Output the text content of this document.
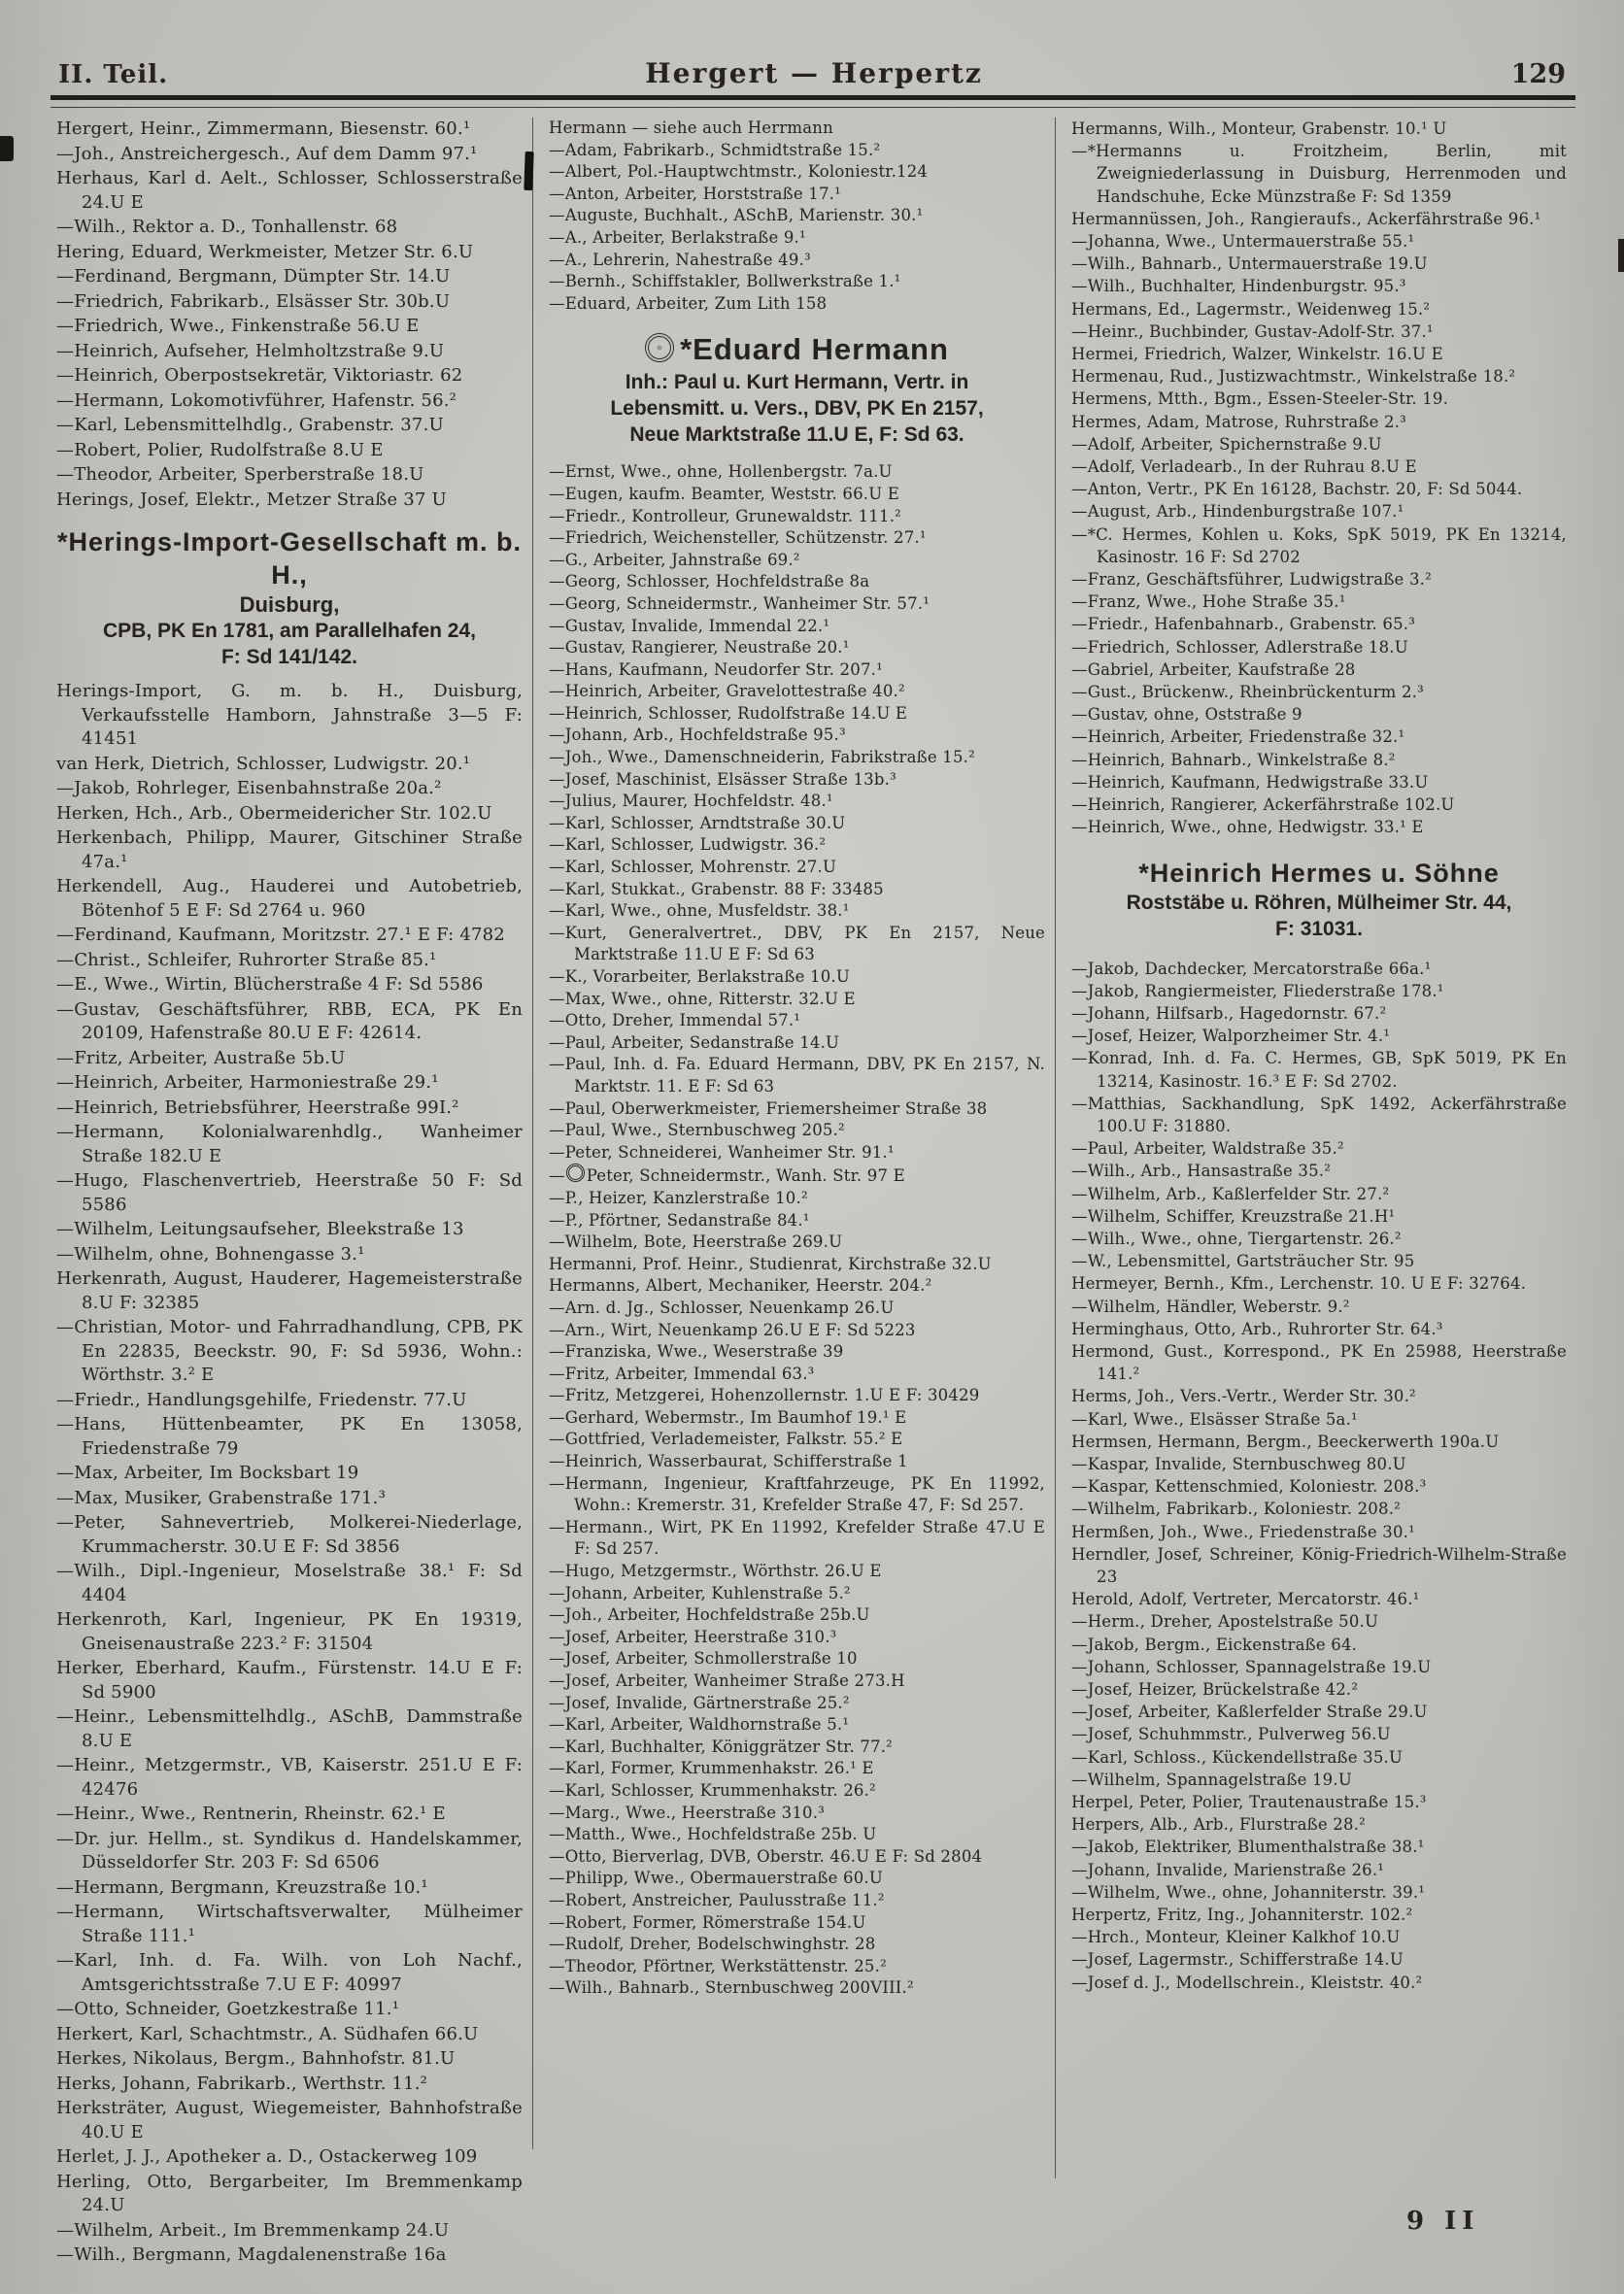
II. Teil.	Hergert — Herpertz	129
Hergert, Heinr., Zimmermann, Biesenstr. 60.¹
—Joh., Anstreichergesch., Auf dem Damm 97.¹
Herhaus, Karl d. Aelt., Schlosser, Schlosserstraße 24.U E
—Wilh., Rektor a. D., Tonhallenstr. 68
Hering, Eduard, Werkmeister, Metzer Str. 6.U
—Ferdinand, Bergmann, Dümpter Str. 14.U
—Friedrich, Fabrikarb., Elsässer Str. 30b.U
—Friedrich, Wwe., Finkenstraße 56.U E
—Heinrich, Aufseher, Helmholtzstraße 9.U
—Heinrich, Oberpostsekretär, Viktoriastr. 62
—Hermann, Lokomotivführer, Hafenstr. 56.²
—Karl, Lebensmittelhdlg., Grabenstr. 37.U
—Robert, Polier, Rudolfstraße 8.U E
—Theodor, Arbeiter, Sperberstraße 18.U
Herings, Josef, Elektr., Metzer Straße 37 U
*Herings-Import-Gesellschaft m. b. H.,
Duisburg,
CPB, PK En 1781, am Parallelhafen 24,
F: Sd 141/142.
Herings-Import, G. m. b. H., Duisburg, Verkaufsstelle Hamborn, Jahnstraße 3—5 F: 41451
van Herk, Dietrich, Schlosser, Ludwigstr. 20.¹
—Jakob, Rohrleger, Eisenbahnstraße 20a.²
Herken, Hch., Arb., Obermeidericher Str. 102.U
Herkenbach, Philipp, Maurer, Gitschiner Straße 47a.¹
Herkendell, Aug., Hauderei und Autobetrieb, Bötenhof 5 E F: Sd 2764 u. 960
—Ferdinand, Kaufmann, Moritzstr. 27.¹ E F: 4782
—Christ., Schleifer, Ruhrorter Straße 85.¹
—E., Wwe., Wirtin, Blücherstraße 4 F: Sd 5586
—Gustav, Geschäftsführer, RBB, ECA, PK En 20109, Hafenstraße 80.U E F: 42614.
—Fritz, Arbeiter, Austraße 5b.U
—Heinrich, Arbeiter, Harmoniestraße 29.¹
—Heinrich, Betriebsführer, Heerstraße 99I.²
—Hermann, Kolonialwarenhdlg., Wanheimer Straße 182.U E
—Hugo, Flaschenvertrieb, Heerstraße 50 F: Sd 5586
—Wilhelm, Leitungsaufseher, Bleekstraße 13
—Wilhelm, ohne, Bohnengasse 3.¹
Herkenrath, August, Hauderer, Hagemeisterstraße 8.U F: 32385
—Christian, Motor- und Fahrradhandlung, CPB, PK En 22835, Beeckstr. 90, F: Sd 5936, Wohn.: Wörthstr. 3.² E
—Friedr., Handlungsgehilfe, Friedenstr. 77.U
—Hans, Hüttenbeamter, PK En 13058, Friedenstraße 79
—Max, Arbeiter, Im Bocksbart 19
—Max, Musiker, Grabenstraße 171.³
—Peter, Sahnevertrieb, Molkerei-Niederlage, Krummacherstr. 30.U E F: Sd 3856
—Wilh., Dipl.-Ingenieur, Moselstraße 38.¹ F: Sd 4404
Herkenroth, Karl, Ingenieur, PK En 19319, Gneisenaustraße 223.² F: 31504
Herker, Eberhard, Kaufm., Fürstenstr. 14.U E F: Sd 5900
—Heinr., Lebensmittelhdlg., ASchB, Dammstraße 8.U E
—Heinr., Metzgermstr., VB, Kaiserstr. 251.U E F: 42476
—Heinr., Wwe., Rentnerin, Rheinstr. 62.¹ E
—Dr. jur. Hellm., st. Syndikus d. Handelskammer, Düsseldorfer Str. 203 F: Sd 6506
—Hermann, Bergmann, Kreuzstraße 10.¹
—Hermann, Wirtschaftsverwalter, Mülheimer Straße 111.¹
—Karl, Inh. d. Fa. Wilh. von Loh Nachf., Amtsgerichtsstraße 7.U E F: 40997
—Otto, Schneider, Goetzkestraße 11.¹
Herkert, Karl, Schachtmstr., A. Südhafen 66.U
Herkes, Nikolaus, Bergm., Bahnhofstr. 81.U
Herks, Johann, Fabrikarb., Werthstr. 11.²
Herksträter, August, Wiegemeister, Bahnhofstraße 40.U E
Herlet, J. J., Apotheker a. D., Ostackerweg 109
Herling, Otto, Bergarbeiter, Im Bremmenkamp 24.U
—Wilhelm, Arbeit., Im Bremmenkamp 24.U
—Wilh., Bergmann, Magdalenenstraße 16a
Hermann — siehe auch Herrmann
—Adam, Fabrikarb., Schmidtstraße 15.²
—Albert, Pol.-Hauptwchtmstr., Koloniestr.124
—Anton, Arbeiter, Horststraße 17.¹
—Auguste, Buchhalt., ASchB, Marienstr. 30.¹
—A., Arbeiter, Berlakstraße 9.¹
—A., Lehrerin, Nahestraße 49.³
—Bernh., Schiffstakler, Bollwerkstraße 1.¹
—Eduard, Arbeiter, Zum Lith 158
*Eduard Hermann
Inh.: Paul u. Kurt Hermann, Vertr. in
Lebensmitt. u. Vers., DBV, PK En 2157,
Neue Marktstraße 11.U E, F: Sd 63.
—Ernst, Wwe., ohne, Hollenbergstr. 7a.U
—Eugen, kaufm. Beamter, Weststr. 66.U E
—Friedr., Kontrolleur, Grunewaldstr. 111.²
—Friedrich, Weichensteller, Schützenstr. 27.¹
—G., Arbeiter, Jahnstraße 69.²
—Georg, Schlosser, Hochfeldstraße 8a
—Georg, Schneidermstr., Wanheimer Str. 57.¹
—Gustav, Invalide, Immendal 22.¹
—Gustav, Rangierer, Neustraße 20.¹
—Hans, Kaufmann, Neudorfer Str. 207.¹
—Heinrich, Arbeiter, Gravelottestraße 40.²
—Heinrich, Schlosser, Rudolfstraße 14.U E
—Johann, Arb., Hochfeldstraße 95.³
—Joh., Wwe., Damenschneiderin, Fabrikstraße 15.²
—Josef, Maschinist, Elsässer Straße 13b.³
—Julius, Maurer, Hochfeldstr. 48.¹
—Karl, Schlosser, Arndtstraße 30.U
—Karl, Schlosser, Ludwigstr. 36.²
—Karl, Schlosser, Mohrenstr. 27.U
—Karl, Stukkat., Grabenstr. 88 F: 33485
—Karl, Wwe., ohne, Musfeldstr. 38.¹
—Kurt, Generalvertret., DBV, PK En 2157, Neue Marktstraße 11.U E F: Sd 63
—K., Vorarbeiter, Berlakstraße 10.U
—Max, Wwe., ohne, Ritterstr. 32.U E
—Otto, Dreher, Immendal 57.¹
—Paul, Arbeiter, Sedanstraße 14.U
—Paul, Inh. d. Fa. Eduard Hermann, DBV, PK En 2157, N. Marktstr. 11. E F: Sd 63
—Paul, Oberwerkmeister, Friemersheimer Straße 38
—Paul, Wwe., Sternbuschweg 205.²
—Peter, Schneiderei, Wanheimer Str. 91.¹
— Peter, Schneidermstr., Wanh. Str. 97 E
—P., Heizer, Kanzlerstraße 10.²
—P., Pförtner, Sedanstraße 84.¹
—Wilhelm, Bote, Heerstraße 269.U
Hermanni, Prof. Heinr., Studienrat, Kirchstraße 32.U
Hermanns, Albert, Mechaniker, Heerstr. 204.²
—Arn. d. Jg., Schlosser, Neuenkamp 26.U
—Arn., Wirt, Neuenkamp 26.U E F: Sd 5223
—Franziska, Wwe., Weserstraße 39
—Fritz, Arbeiter, Immendal 63.³
—Fritz, Metzgerei, Hohenzollernstr. 1.U E F: 30429
—Gerhard, Webermstr., Im Baumhof 19.¹ E
—Gottfried, Verlademeister, Falkstr. 55.² E
—Heinrich, Wasserbaurat, Schifferstraße 1
—Hermann, Ingenieur, Kraftfahrzeuge, PK En 11992, Wohn.: Kremerstr. 31, Krefelder Straße 47, F: Sd 257.
—Hermann., Wirt, PK En 11992, Krefelder Straße 47.U E F: Sd 257.
—Hugo, Metzgermstr., Wörthstr. 26.U E
—Johann, Arbeiter, Kuhlenstraße 5.²
—Joh., Arbeiter, Hochfeldstraße 25b.U
—Josef, Arbeiter, Heerstraße 310.³
—Josef, Arbeiter, Schmollerstraße 10
—Josef, Arbeiter, Wanheimer Straße 273.H
—Josef, Invalide, Gärtnerstraße 25.²
—Karl, Arbeiter, Waldhornstraße 5.¹
—Karl, Buchhalter, Königgrätzer Str. 77.²
—Karl, Former, Krummenhakstr. 26.¹ E
—Karl, Schlosser, Krummenhakstr. 26.²
—Marg., Wwe., Heerstraße 310.³
—Matth., Wwe., Hochfeldstraße 25b. U
—Otto, Bierverlag, DVB, Oberstr. 46.U E F: Sd 2804
—Philipp, Wwe., Obermauerstraße 60.U
—Robert, Anstreicher, Paulusstraße 11.²
—Robert, Former, Römerstraße 154.U
—Rudolf, Dreher, Bodelschwinghstr. 28
—Theodor, Pförtner, Werkstättenstr. 25.²
—Wilh., Bahnarb., Sternbuschweg 200VIII.²
Hermanns, Wilh., Monteur, Grabenstr. 10.¹ U
—*Hermanns u. Froitzheim, Berlin, mit Zweigniederlassung in Duisburg, Herrenmoden und Handschuhe, Ecke Münzstraße F: Sd 1359
Hermannüssen, Joh., Rangieraufs., Ackerfährstraße 96.¹
—Johanna, Wwe., Untermauerstraße 55.¹
—Wilh., Bahnarb., Untermauerstraße 19.U
—Wilh., Buchhalter, Hindenburgstr. 95.³
Hermans, Ed., Lagermstr., Weidenweg 15.²
—Heinr., Buchbinder, Gustav-Adolf-Str. 37.¹
Hermei, Friedrich, Walzer, Winkelstr. 16.U E
Hermenau, Rud., Justizwachtmstr., Winkelstraße 18.²
Hermens, Mtth., Bgm., Essen-Steeler-Str. 19.
Hermes, Adam, Matrose, Ruhrstraße 2.³
—Adolf, Arbeiter, Spichernstraße 9.U
—Adolf, Verladearb., In der Ruhrau 8.U E
—Anton, Vertr., PK En 16128, Bachstr. 20, F: Sd 5044.
—August, Arb., Hindenburgstraße 107.¹
—*C. Hermes, Kohlen u. Koks, SpK 5019, PK En 13214, Kasinostr. 16 F: Sd 2702
—Franz, Geschäftsführer, Ludwigstraße 3.²
—Franz, Wwe., Hohe Straße 35.¹
—Friedr., Hafenbahnarb., Grabenstr. 65.³
—Friedrich, Schlosser, Adlerstraße 18.U
—Gabriel, Arbeiter, Kaufstraße 28
—Gust., Brückenw., Rheinbrückenturm 2.³
—Gustav, ohne, Oststraße 9
—Heinrich, Arbeiter, Friedenstraße 32.¹
—Heinrich, Bahnarb., Winkelstraße 8.²
—Heinrich, Kaufmann, Hedwigstraße 33.U
—Heinrich, Rangierer, Ackerfährstraße 102.U
—Heinrich, Wwe., ohne, Hedwigstr. 33.¹ E
*Heinrich Hermes u. Söhne
Roststäbe u. Röhren, Mülheimer Str. 44,
F: 31031.
—Jakob, Dachdecker, Mercatorstraße 66a.¹
—Jakob, Rangiermeister, Fliederstraße 178.¹
—Johann, Hilfsarb., Hagedornstr. 67.²
—Josef, Heizer, Walporzheimer Str. 4.¹
—Konrad, Inh. d. Fa. C. Hermes, GB, SpK 5019, PK En 13214, Kasinostr. 16.³ E F: Sd 2702.
—Matthias, Sackhandlung, SpK 1492, Ackerfährstraße 100.U F: 31880.
—Paul, Arbeiter, Waldstraße 35.²
—Wilh., Arb., Hansastraße 35.²
—Wilhelm, Arb., Kaßlerfelder Str. 27.²
—Wilhelm, Schiffer, Kreuzstraße 21.H¹
—Wilh., Wwe., ohne, Tiergartenstr. 26.²
—W., Lebensmittel, Gartsträucher Str. 95
Hermeyer, Bernh., Kfm., Lerchenstr. 10. U E F: 32764.
—Wilhelm, Händler, Weberstr. 9.²
Herminghaus, Otto, Arb., Ruhrorter Str. 64.³
Hermond, Gust., Korrespond., PK En 25988, Heerstraße 141.²
Herms, Joh., Vers.-Vertr., Werder Str. 30.²
—Karl, Wwe., Elsässer Straße 5a.¹
Hermsen, Hermann, Bergm., Beeckerwerth 190a.U
—Kaspar, Invalide, Sternbuschweg 80.U
—Kaspar, Kettenschmied, Koloniestr. 208.³
—Wilhelm, Fabrikarb., Koloniestr. 208.²
Hermßen, Joh., Wwe., Friedenstraße 30.¹
Herndler, Josef, Schreiner, König-Friedrich-Wilhelm-Straße 23
Herold, Adolf, Vertreter, Mercatorstr. 46.¹
—Herm., Dreher, Apostelstraße 50.U
—Jakob, Bergm., Eickenstraße 64.
—Johann, Schlosser, Spannagelstraße 19.U
—Josef, Heizer, Brückelstraße 42.²
—Josef, Arbeiter, Kaßlerfelder Straße 29.U
—Josef, Schuhmmstr., Pulverweg 56.U
—Karl, Schloss., Kückendellstraße 35.U
—Wilhelm, Spannagelstraße 19.U
Herpel, Peter, Polier, Trautenaustraße 15.³
Herpers, Alb., Arb., Flurstraße 28.²
—Jakob, Elektriker, Blumenthalstraße 38.¹
—Johann, Invalide, Marienstraße 26.¹
—Wilhelm, Wwe., ohne, Johanniterstr. 39.¹
Herpertz, Fritz, Ing., Johanniterstr. 102.²
—Hrch., Monteur, Kleiner Kalkhof 10.U
—Josef, Lagermstr., Schifferstraße 14.U
—Josef d. J., Modellschrein., Kleiststr. 40.²
9 II
